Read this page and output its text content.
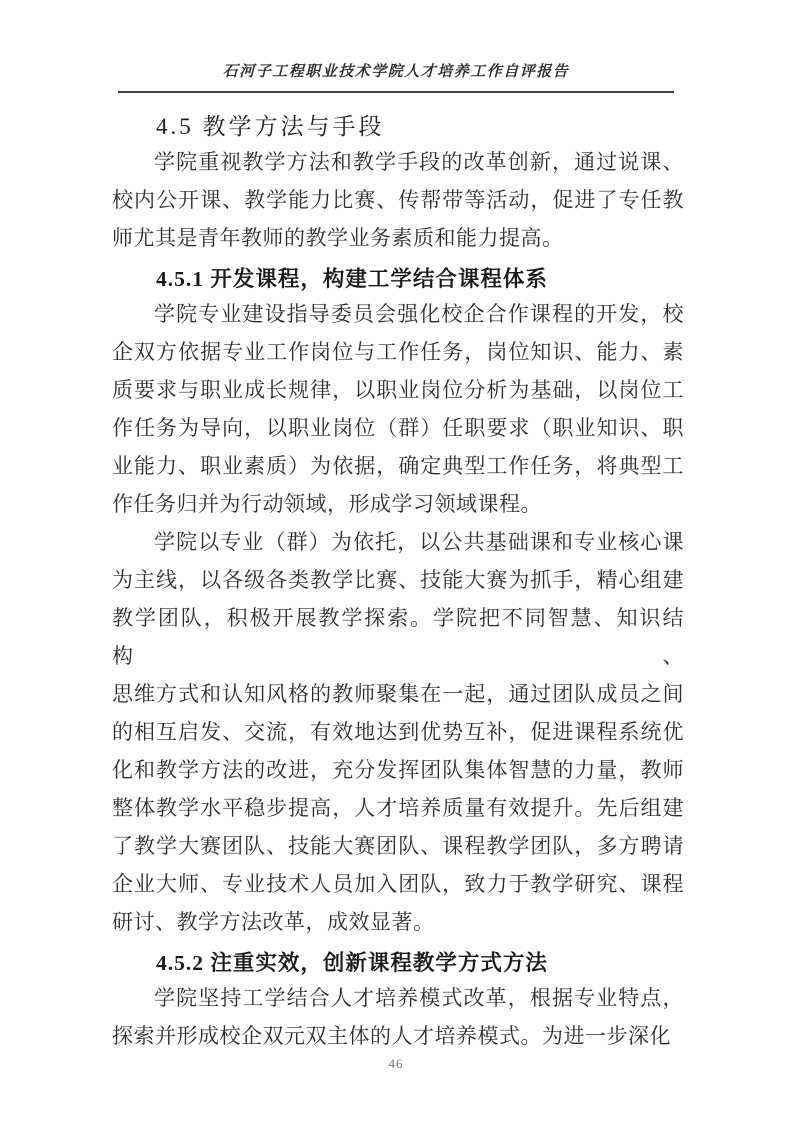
石河子工程职业技术学院人才培养工作自评报告
4.5 教学方法与手段
学院重视教学方法和教学手段的改革创新，通过说课、
校内公开课、教学能力比赛、传帮带等活动，促进了专任教
师尤其是青年教师的教学业务素质和能力提高。
4.5.1 开发课程，构建工学结合课程体系
学院专业建设指导委员会强化校企合作课程的开发，校
企双方依据专业工作岗位与工作任务，岗位知识、能力、素
质要求与职业成长规律，以职业岗位分析为基础，以岗位工
作任务为导向，以职业岗位（群）任职要求（职业知识、职
业能力、职业素质）为依据，确定典型工作任务，将典型工
作任务归并为行动领域，形成学习领域课程。
学院以专业（群）为依托，以公共基础课和专业核心课
为主线，以各级各类教学比赛、技能大赛为抓手，精心组建
教学团队，积极开展教学探索。学院把不同智慧、知识结构、
思维方式和认知风格的教师聚集在一起，通过团队成员之间
的相互启发、交流，有效地达到优势互补，促进课程系统优
化和教学方法的改进，充分发挥团队集体智慧的力量，教师
整体教学水平稳步提高，人才培养质量有效提升。先后组建
了教学大赛团队、技能大赛团队、课程教学团队，多方聘请
企业大师、专业技术人员加入团队，致力于教学研究、课程
研讨、教学方法改革，成效显著。
4.5.2 注重实效，创新课程教学方式方法
学院坚持工学结合人才培养模式改革，根据专业特点，
探索并形成校企双元双主体的人才培养模式。为进一步深化
46
